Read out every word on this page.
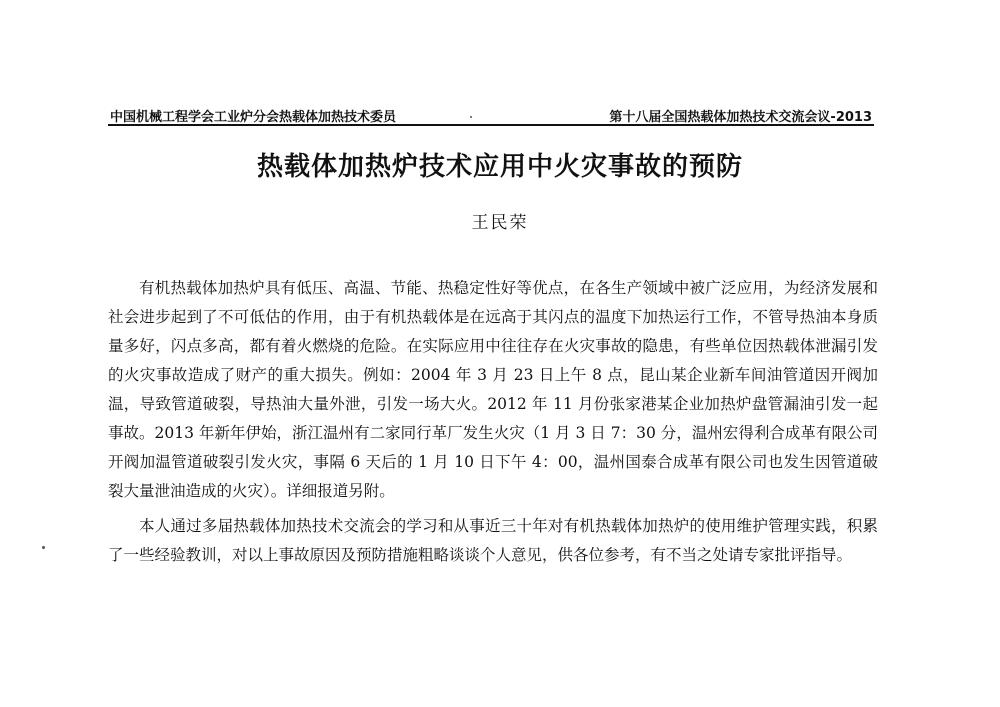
中国机械工程学会工业炉分会热载体加热技术委员	第十八届全国热载体加热技术交流会议-2013
热载体加热炉技术应用中火灾事故的预防
王民荣

有机热载体加热炉具有低压、高温、节能、热稳定性好等优点，在各生产领域中被广泛应用，为经济发展和社会进步起到了不可低估的作用，由于有机热载体是在远高于其闪点的温度下加热运行工作，不管导热油本身质量多好，闪点多高，都有着火燃烧的危险。在实际应用中往往存在火灾事故的隐患，有些单位因热载体泄漏引发的火灾事故造成了财产的重大损失。例如：2004 年 3 月 23 日上午 8 点，昆山某企业新车间油管道因开阀加温，导致管道破裂，导热油大量外泄，引发一场大火。2012 年 11 月份张家港某企业加热炉盘管漏油引发一起事故。2013 年新年伊始，浙江温州有二家同行革厂发生火灾（1 月 3 日 7：30 分，温州宏得利合成革有限公司开阀加温管道破裂引发火灾，事隔 6 天后的 1 月 10 日下午 4：00，温州国泰合成革有限公司也发生因管道破裂大量泄油造成的火灾）。详细报道另附。

本人通过多届热载体加热技术交流会的学习和从事近三十年对有机热载体加热炉的使用维护管理实践，积累了一些经验教训，对以上事故原因及预防措施粗略谈谈个人意见，供各位参考，有不当之处请专家批评指导。
